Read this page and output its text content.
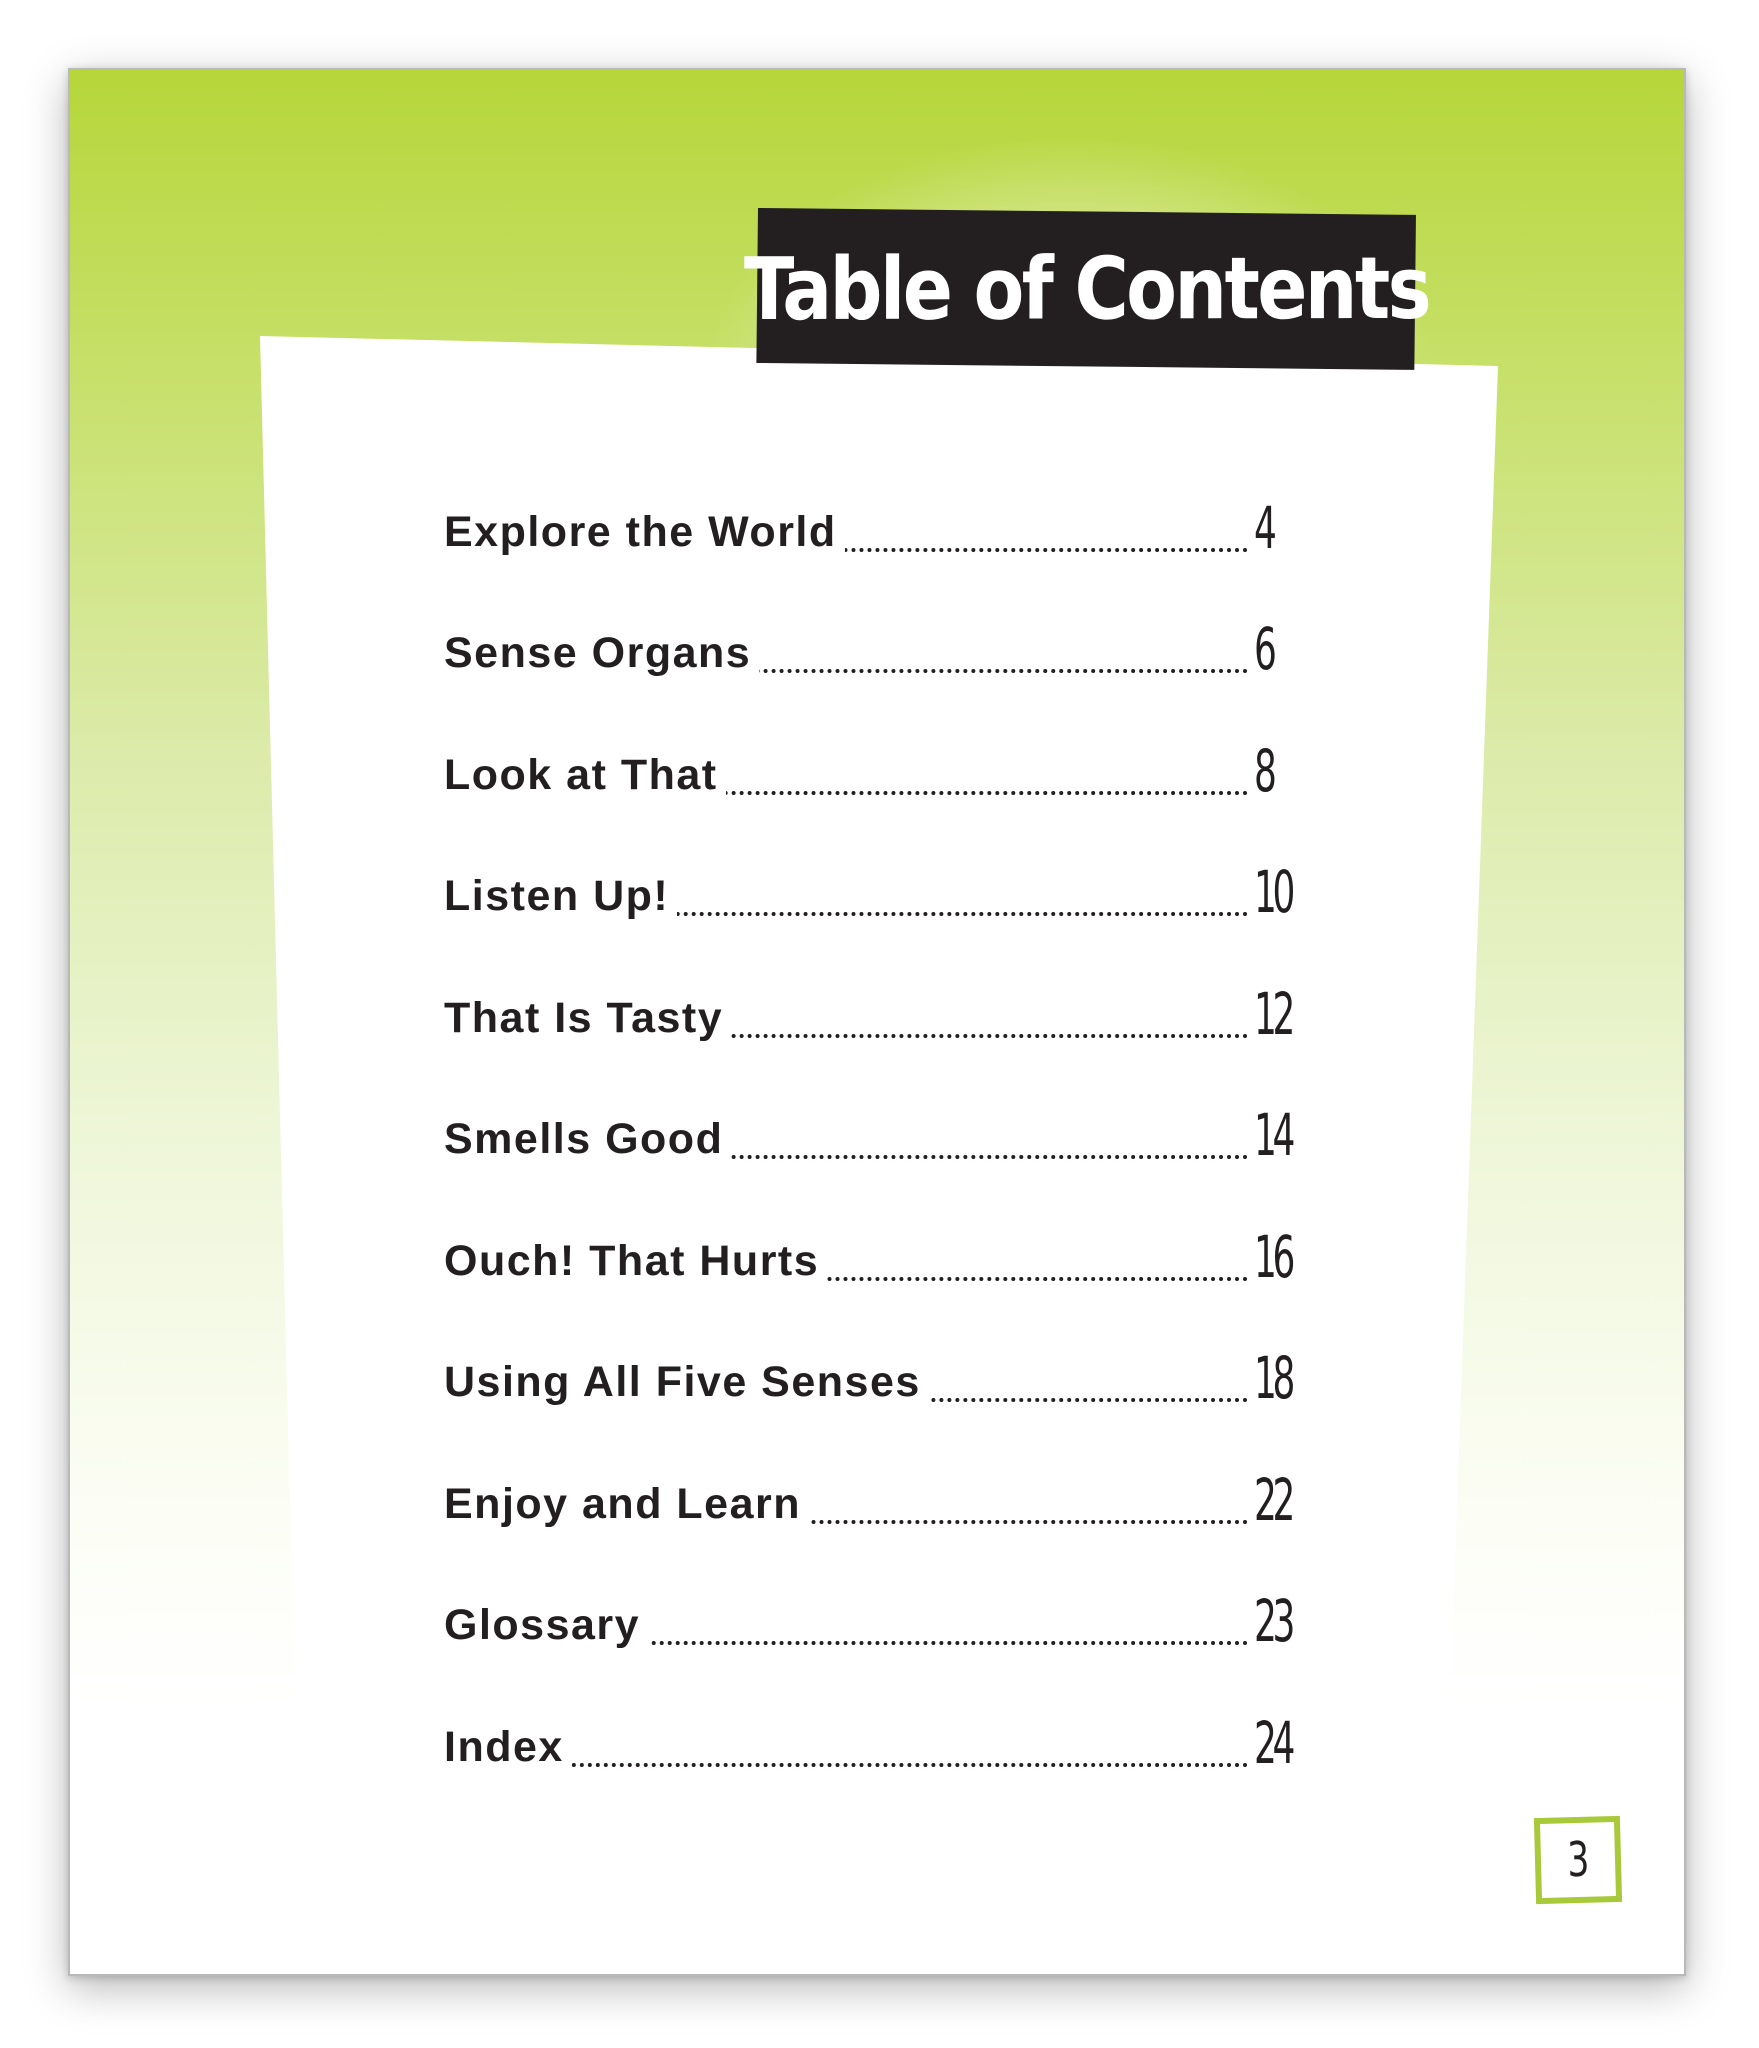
Table of Contents
Explore the World	4
Sense Organs	6
Look at That	8
Listen Up!	10
That Is Tasty	12
Smells Good	14
Ouch! That Hurts	16
Using All Five Senses	18
Enjoy and Learn	22
Glossary	23
Index	24
3
